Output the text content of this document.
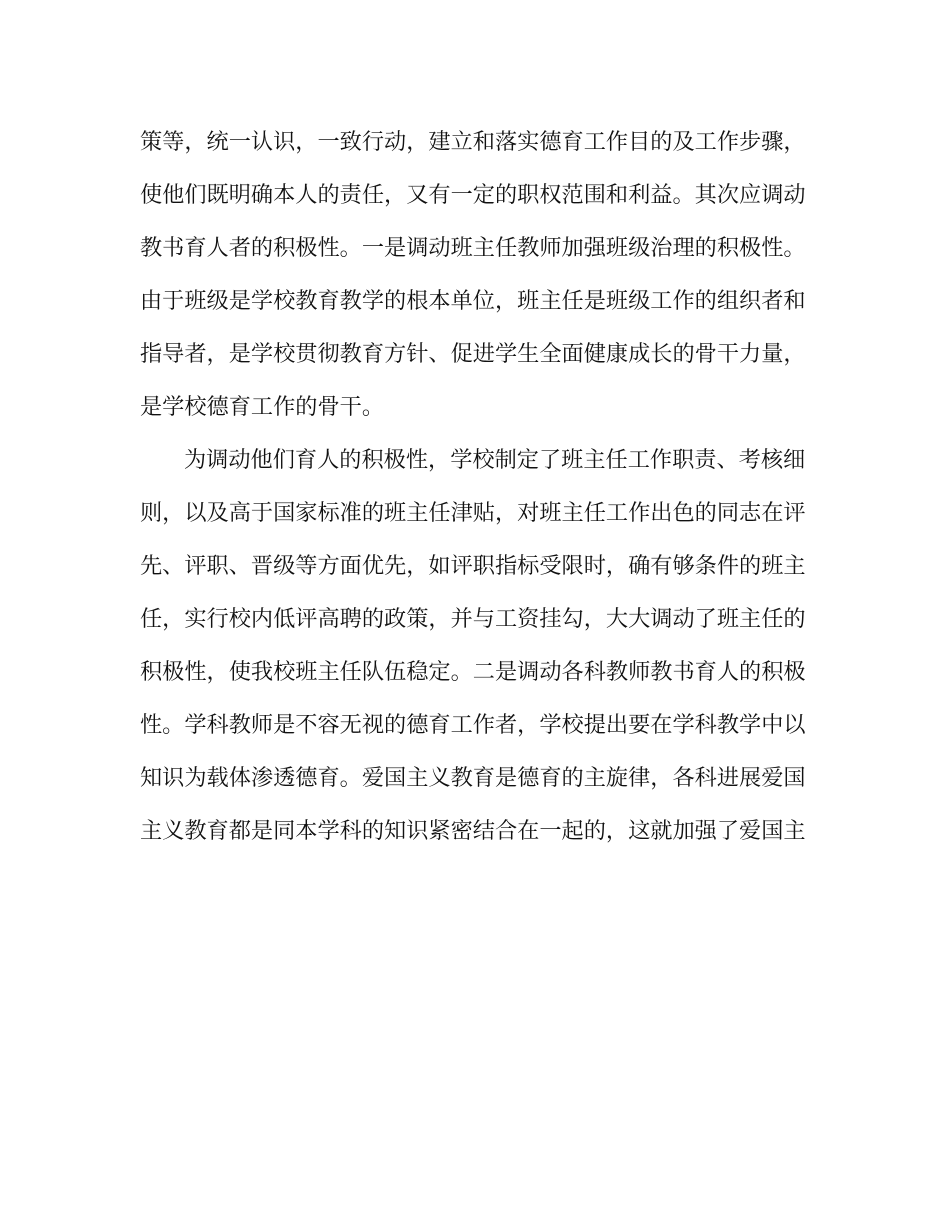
策等，统一认识，一致行动，建立和落实德育工作目的及工作步骤，
使他们既明确本人的责任，又有一定的职权范围和利益。其次应调动
教书育人者的积极性。一是调动班主任教师加强班级治理的积极性。
由于班级是学校教育教学的根本单位，班主任是班级工作的组织者和
指导者，是学校贯彻教育方针、促进学生全面健康成长的骨干力量，
是学校德育工作的骨干。
为调动他们育人的积极性，学校制定了班主任工作职责、考核细
则，以及高于国家标准的班主任津贴，对班主任工作出色的同志在评
先、评职、晋级等方面优先，如评职指标受限时，确有够条件的班主
任，实行校内低评高聘的政策，并与工资挂勾，大大调动了班主任的
积极性，使我校班主任队伍稳定。二是调动各科教师教书育人的积极
性。学科教师是不容无视的德育工作者，学校提出要在学科教学中以
知识为载体渗透德育。爱国主义教育是德育的主旋律，各科进展爱国
主义教育都是同本学科的知识紧密结合在一起的，这就加强了爱国主
